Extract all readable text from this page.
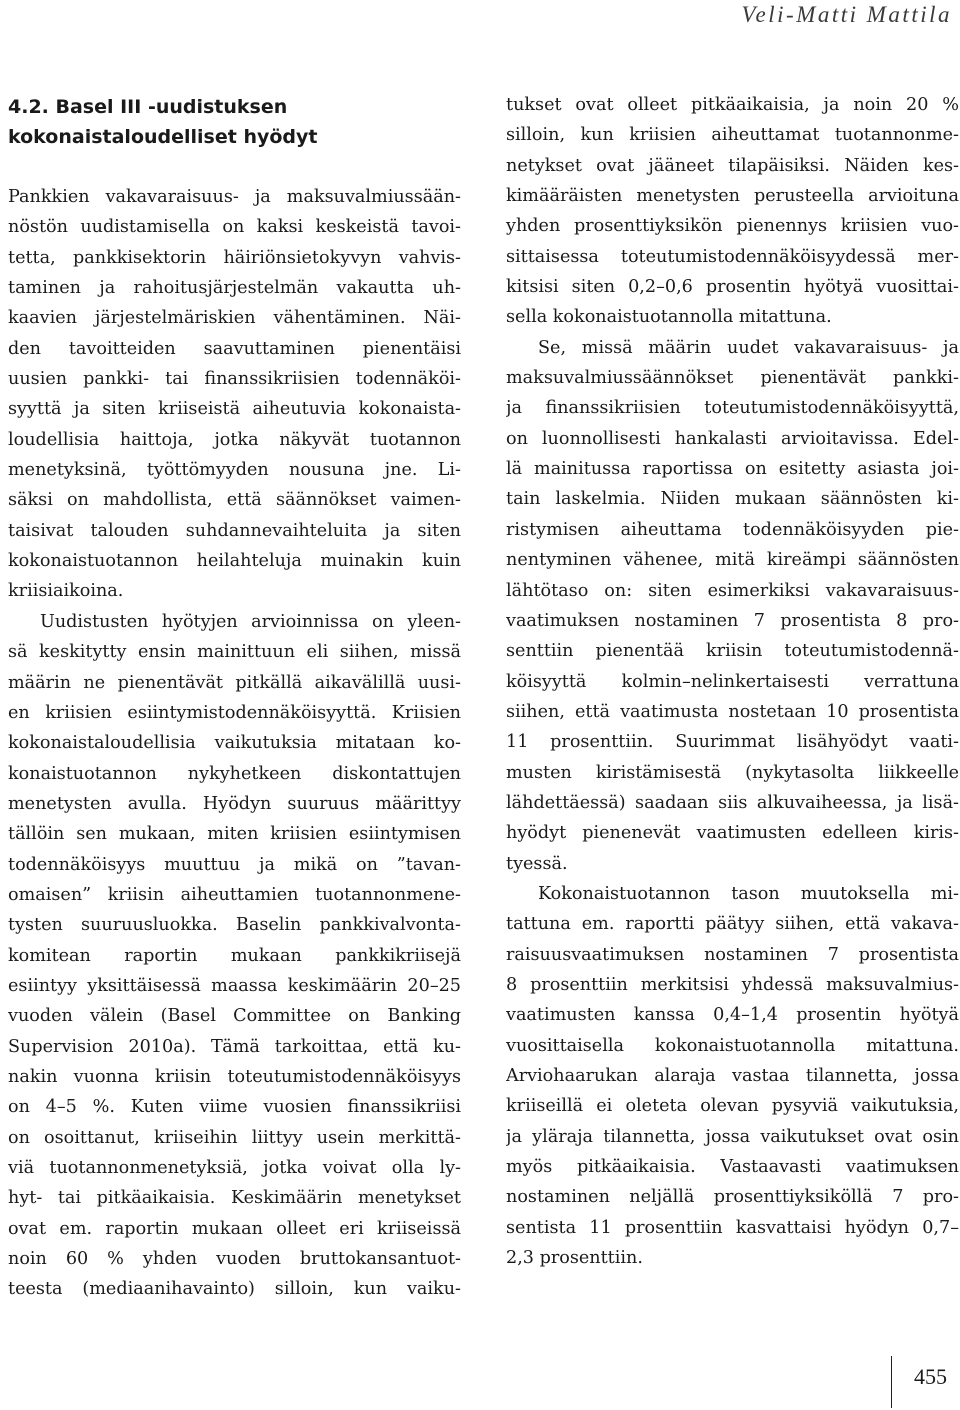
Veli-Matti Mattila
4.2. Basel III -uudistuksen
kokonaistaloudelliset hyödyt
Pankkien vakavaraisuus- ja maksuvalmiussään-
nöstön uudistamisella on kaksi keskeistä tavoi-
tetta, pankkisektorin häiriönsietokyvyn vahvis-
taminen ja rahoitusjärjestelmän vakautta uh-
kaavien järjestelmäriskien vähentäminen. Näi-
den tavoitteiden saavuttaminen pienentäisi
uusien pankki- tai finanssikriisien todennäköi-
syyttä ja siten kriiseistä aiheutuvia kokonaista-
loudellisia haittoja, jotka näkyvät tuotannon
menetyksinä, työttömyyden nousuna jne. Li-
säksi on mahdollista, että säännökset vaimen-
taisivat talouden suhdannevaihteluita ja siten
kokonaistuotannon heilahteluja muinakin kuin
kriisiaikoina.
Uudistusten hyötyjen arvioinnissa on yleen-
sä keskitytty ensin mainittuun eli siihen, missä
määrin ne pienentävät pitkällä aikavälillä uusi-
en kriisien esiintymistodennäköisyyttä. Kriisien
kokonaistaloudellisia vaikutuksia mitataan ko-
konaistuotannon nykyhetkeen diskontattujen
menetysten avulla. Hyödyn suuruus määrittyy
tällöin sen mukaan, miten kriisien esiintymisen
todennäköisyys muuttuu ja mikä on ”tavan-
omaisen” kriisin aiheuttamien tuotannonmene-
tysten suuruusluokka. Baselin pankkivalvonta-
komitean raportin mukaan pankkikriisejä
esiintyy yksittäisessä maassa keskimäärin 20–25
vuoden välein (Basel Committee on Banking
Supervision 2010a). Tämä tarkoittaa, että ku-
nakin vuonna kriisin toteutumistodennäköisyys
on 4–5 %. Kuten viime vuosien finanssikriisi
on osoittanut, kriiseihin liittyy usein merkittä-
viä tuotannonmenetyksiä, jotka voivat olla ly-
hyt- tai pitkäaikaisia. Keskimäärin menetykset
ovat em. raportin mukaan olleet eri kriiseissä
noin 60 % yhden vuoden bruttokansantuot-
teesta (mediaanihavainto) silloin, kun vaiku-
tukset ovat olleet pitkäaikaisia, ja noin 20 %
silloin, kun kriisien aiheuttamat tuotannonme-
netykset ovat jääneet tilapäisiksi. Näiden kes-
kimääräisten menetysten perusteella arvioituna
yhden prosenttiyksikön pienennys kriisien vuo-
sittaisessa toteutumistodennäköisyydessä mer-
kitsisi siten 0,2–0,6 prosentin hyötyä vuosittai-
sella kokonaistuotannolla mitattuna.
Se, missä määrin uudet vakavaraisuus- ja
maksuvalmiussäännökset pienentävät pankki-
ja finanssikriisien toteutumistodennäköisyyttä,
on luonnollisesti hankalasti arvioitavissa. Edel-
lä mainitussa raportissa on esitetty asiasta joi-
tain laskelmia. Niiden mukaan säännösten ki-
ristymisen aiheuttama todennäköisyyden pie-
nentyminen vähenee, mitä kireämpi säännösten
lähtötaso on: siten esimerkiksi vakavaraisuus-
vaatimuksen nostaminen 7 prosentista 8 pro-
senttiin pienentää kriisin toteutumistodennä-
köisyyttä kolmin–nelinkertaisesti verrattuna
siihen, että vaatimusta nostetaan 10 prosentista
11 prosenttiin. Suurimmat lisähyödyt vaati-
musten kiristämisestä (nykytasolta liikkeelle
lähdettäessä) saadaan siis alkuvaiheessa, ja lisä-
hyödyt pienenevät vaatimusten edelleen kiris-
tyessä.
Kokonaistuotannon tason muutoksella mi-
tattuna em. raportti päätyy siihen, että vakava-
raisuusvaatimuksen nostaminen 7 prosentista
8 prosenttiin merkitsisi yhdessä maksuvalmius-
vaatimusten kanssa 0,4–1,4 prosentin hyötyä
vuosittaisella kokonaistuotannolla mitattuna.
Arviohaarukan alaraja vastaa tilannetta, jossa
kriiseillä ei oleteta olevan pysyviä vaikutuksia,
ja yläraja tilannetta, jossa vaikutukset ovat osin
myös pitkäaikaisia. Vastaavasti vaatimuksen
nostaminen neljällä prosenttiyksiköllä 7 pro-
sentista 11 prosenttiin kasvattaisi hyödyn 0,7–
2,3 prosenttiin.
455
